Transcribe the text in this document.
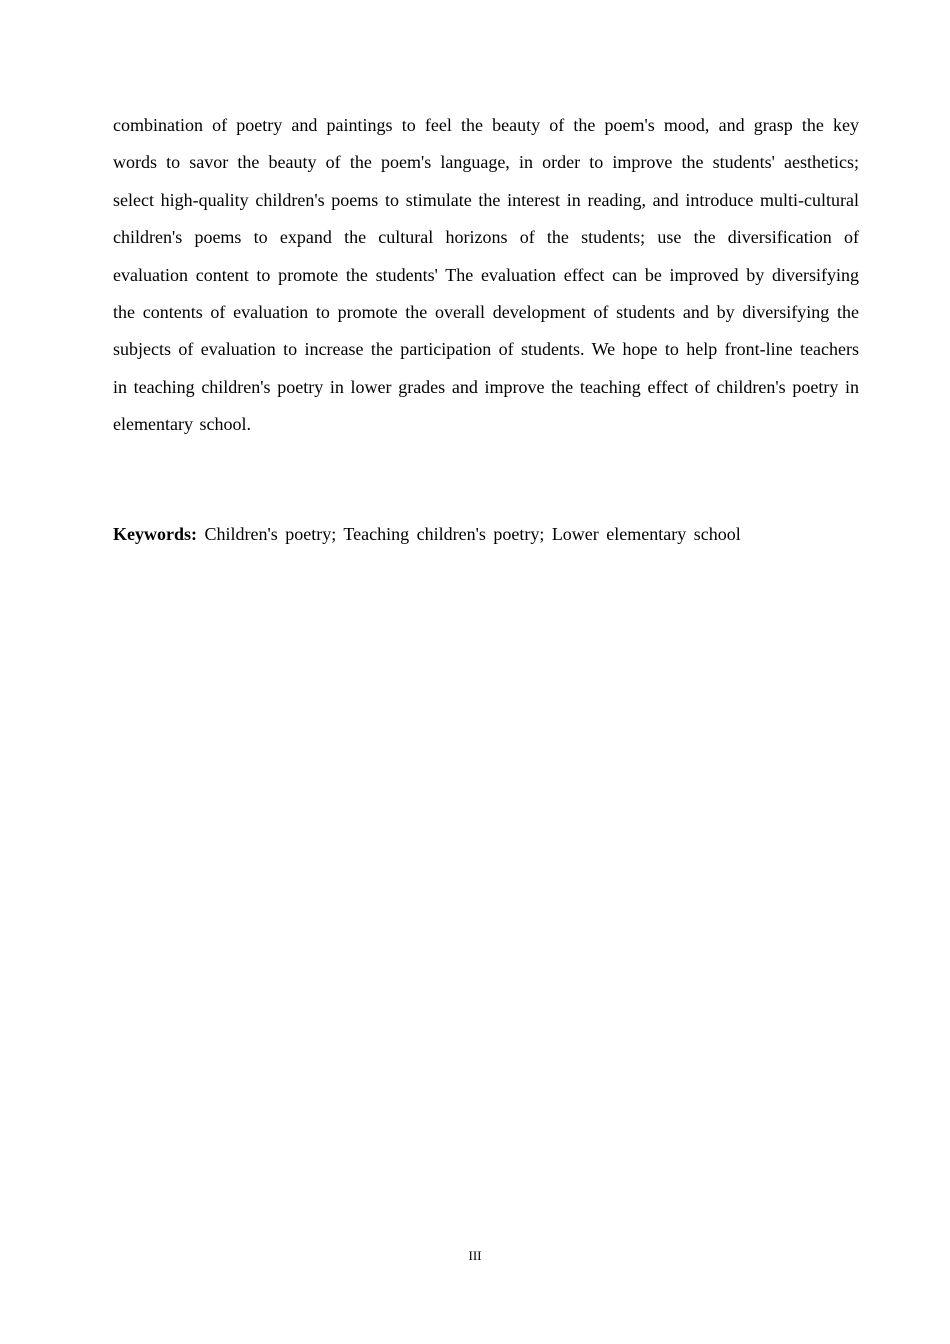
combination of poetry and paintings to feel the beauty of the poem's mood, and grasp the key words to savor the beauty of the poem's language, in order to improve the students' aesthetics; select high-quality children's poems to stimulate the interest in reading, and introduce multi-cultural children's poems to expand the cultural horizons of the students; use the diversification of evaluation content to promote the students' The evaluation effect can be improved by diversifying the contents of evaluation to promote the overall development of students and by diversifying the subjects of evaluation to increase the participation of students. We hope to help front-line teachers in teaching children's poetry in lower grades and improve the teaching effect of children's poetry in elementary school.

Keywords: Children's poetry; Teaching children's poetry; Lower elementary school

III
